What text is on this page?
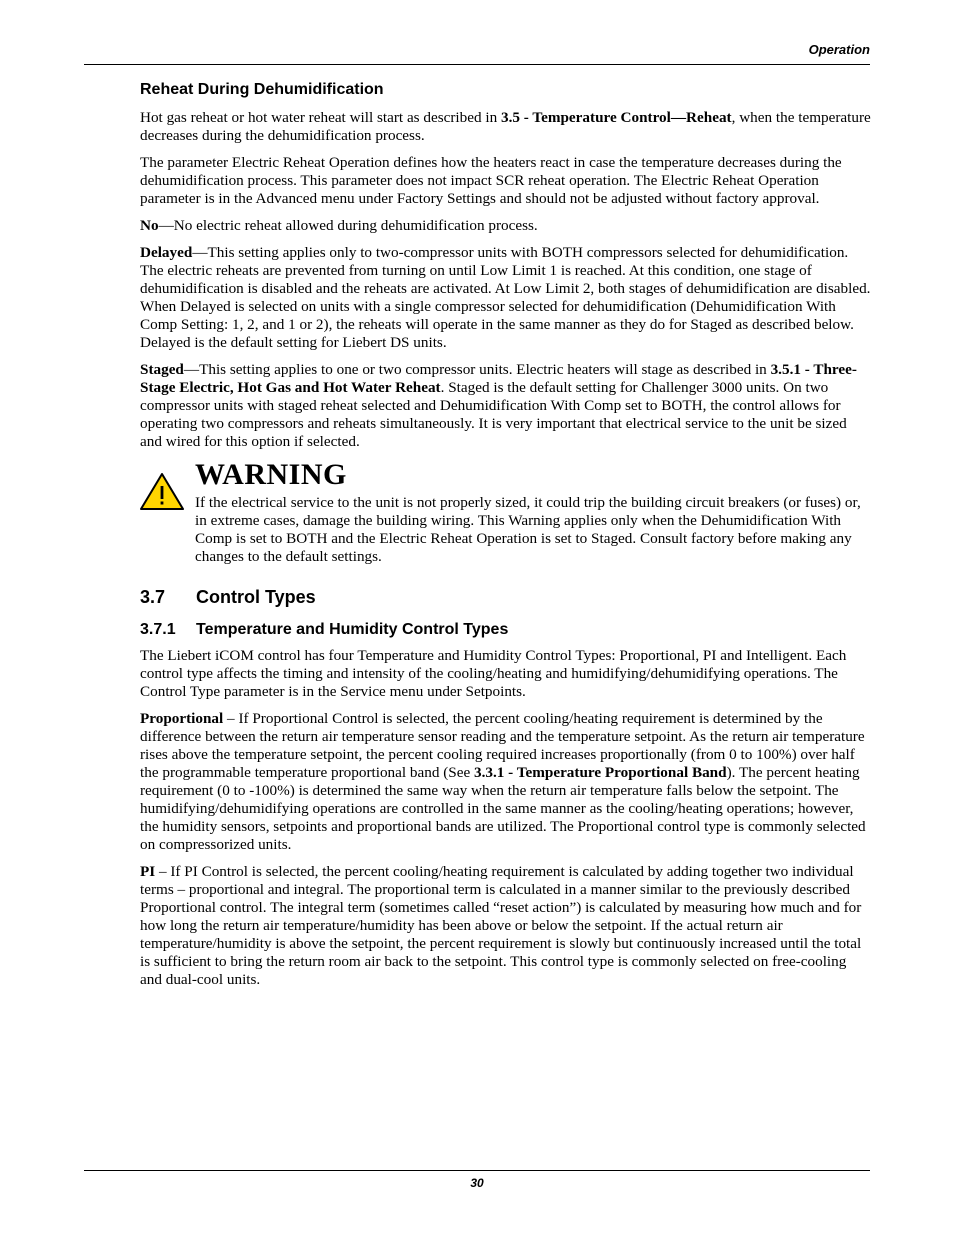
Operation
Reheat During Dehumidification

Hot gas reheat or hot water reheat will start as described in 3.5 - Temperature Control—Reheat, when the temperature decreases during the dehumidification process.

The parameter Electric Reheat Operation defines how the heaters react in case the temperature decreases during the dehumidification process. This parameter does not impact SCR reheat operation. The Electric Reheat Operation parameter is in the Advanced menu under Factory Settings and should not be adjusted without factory approval.

No—No electric reheat allowed during dehumidification process.

Delayed—This setting applies only to two-compressor units with BOTH compressors selected for dehumidification. The electric reheats are prevented from turning on until Low Limit 1 is reached. At this condition, one stage of dehumidification is disabled and the reheats are activated. At Low Limit 2, both stages of dehumidification are disabled. When Delayed is selected on units with a single compressor selected for dehumidification (Dehumidification With Comp Setting: 1, 2, and 1 or 2), the reheats will operate in the same manner as they do for Staged as described below. Delayed is the default setting for Liebert DS units.

Staged—This setting applies to one or two compressor units. Electric heaters will stage as described in 3.5.1 - Three-Stage Electric, Hot Gas and Hot Water Reheat. Staged is the default setting for Challenger 3000 units. On two compressor units with staged reheat selected and Dehumidification With Comp set to BOTH, the control allows for operating two compressors and reheats simultaneously. It is very important that electrical service to the unit be sized and wired for this option if selected.

WARNING

If the electrical service to the unit is not properly sized, it could trip the building circuit breakers (or fuses) or, in extreme cases, damage the building wiring. This Warning applies only when the Dehumidification With Comp is set to BOTH and the Electric Reheat Operation is set to Staged. Consult factory before making any changes to the default settings.

3.7 Control Types
3.7.1 Temperature and Humidity Control Types

The Liebert iCOM control has four Temperature and Humidity Control Types: Proportional, PI and Intelligent. Each control type affects the timing and intensity of the cooling/heating and humidifying/dehumidifying operations. The Control Type parameter is in the Service menu under Setpoints.

Proportional – If Proportional Control is selected, the percent cooling/heating requirement is determined by the difference between the return air temperature sensor reading and the temperature setpoint. As the return air temperature rises above the temperature setpoint, the percent cooling required increases proportionally (from 0 to 100%) over half the programmable temperature proportional band (See 3.3.1 - Temperature Proportional Band). The percent heating requirement (0 to -100%) is determined the same way when the return air temperature falls below the setpoint. The humidifying/dehumidifying operations are controlled in the same manner as the cooling/heating operations; however, the humidity sensors, setpoints and proportional bands are utilized. The Proportional control type is commonly selected on compressorized units.

PI – If PI Control is selected, the percent cooling/heating requirement is calculated by adding together two individual terms – proportional and integral. The proportional term is calculated in a manner similar to the previously described Proportional control. The integral term (sometimes called “reset action”) is calculated by measuring how much and for how long the return air temperature/humidity has been above or below the setpoint. If the actual return air temperature/humidity is above the setpoint, the percent requirement is slowly but continuously increased until the total is sufficient to bring the return room air back to the setpoint. This control type is commonly selected on free-cooling and dual-cool units.

30
